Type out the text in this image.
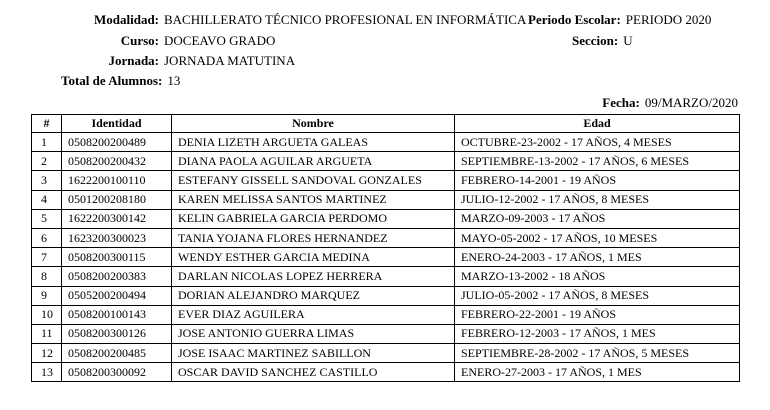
Modalidad: BACHILLERATO TÉCNICO PROFESIONAL EN INFORMÁTICA Periodo Escolar: PERIODO 2020
Curso: DOCEAVO GRADO	Seccion: U
Jornada: JORNADA MATUTINA
Total de Alumnos: 13
Fecha: 09/MARZO/2020
#	Identidad	Nombre	Edad
1	0508200200489	DENIA LIZETH ARGUETA GALEAS	OCTUBRE-23-2002 - 17 AÑOS, 4 MESES
2	0508200200432	DIANA PAOLA AGUILAR ARGUETA	SEPTIEMBRE-13-2002 - 17 AÑOS, 6 MESES
3	1622200100110	ESTEFANY GISSELL SANDOVAL GONZALES	FEBRERO-14-2001 - 19 AÑOS
4	0501200208180	KAREN MELISSA SANTOS MARTINEZ	JULIO-12-2002 - 17 AÑOS, 8 MESES
5	1622200300142	KELIN GABRIELA GARCIA PERDOMO	MARZO-09-2003 - 17 AÑOS
6	1623200300023	TANIA YOJANA FLORES HERNANDEZ	MAYO-05-2002 - 17 AÑOS, 10 MESES
7	0508200300115	WENDY ESTHER GARCIA MEDINA	ENERO-24-2003 - 17 AÑOS, 1 MES
8	0508200200383	DARLAN NICOLAS LOPEZ HERRERA	MARZO-13-2002 - 18 AÑOS
9	0505200200494	DORIAN ALEJANDRO MARQUEZ	JULIO-05-2002 - 17 AÑOS, 8 MESES
10	0508200100143	EVER DIAZ AGUILERA	FEBRERO-22-2001 - 19 AÑOS
11	0508200300126	JOSE ANTONIO GUERRA LIMAS	FEBRERO-12-2003 - 17 AÑOS, 1 MES
12	0508200200485	JOSE ISAAC MARTINEZ SABILLON	SEPTIEMBRE-28-2002 - 17 AÑOS, 5 MESES
13	0508200300092	OSCAR DAVID SANCHEZ CASTILLO	ENERO-27-2003 - 17 AÑOS, 1 MES
